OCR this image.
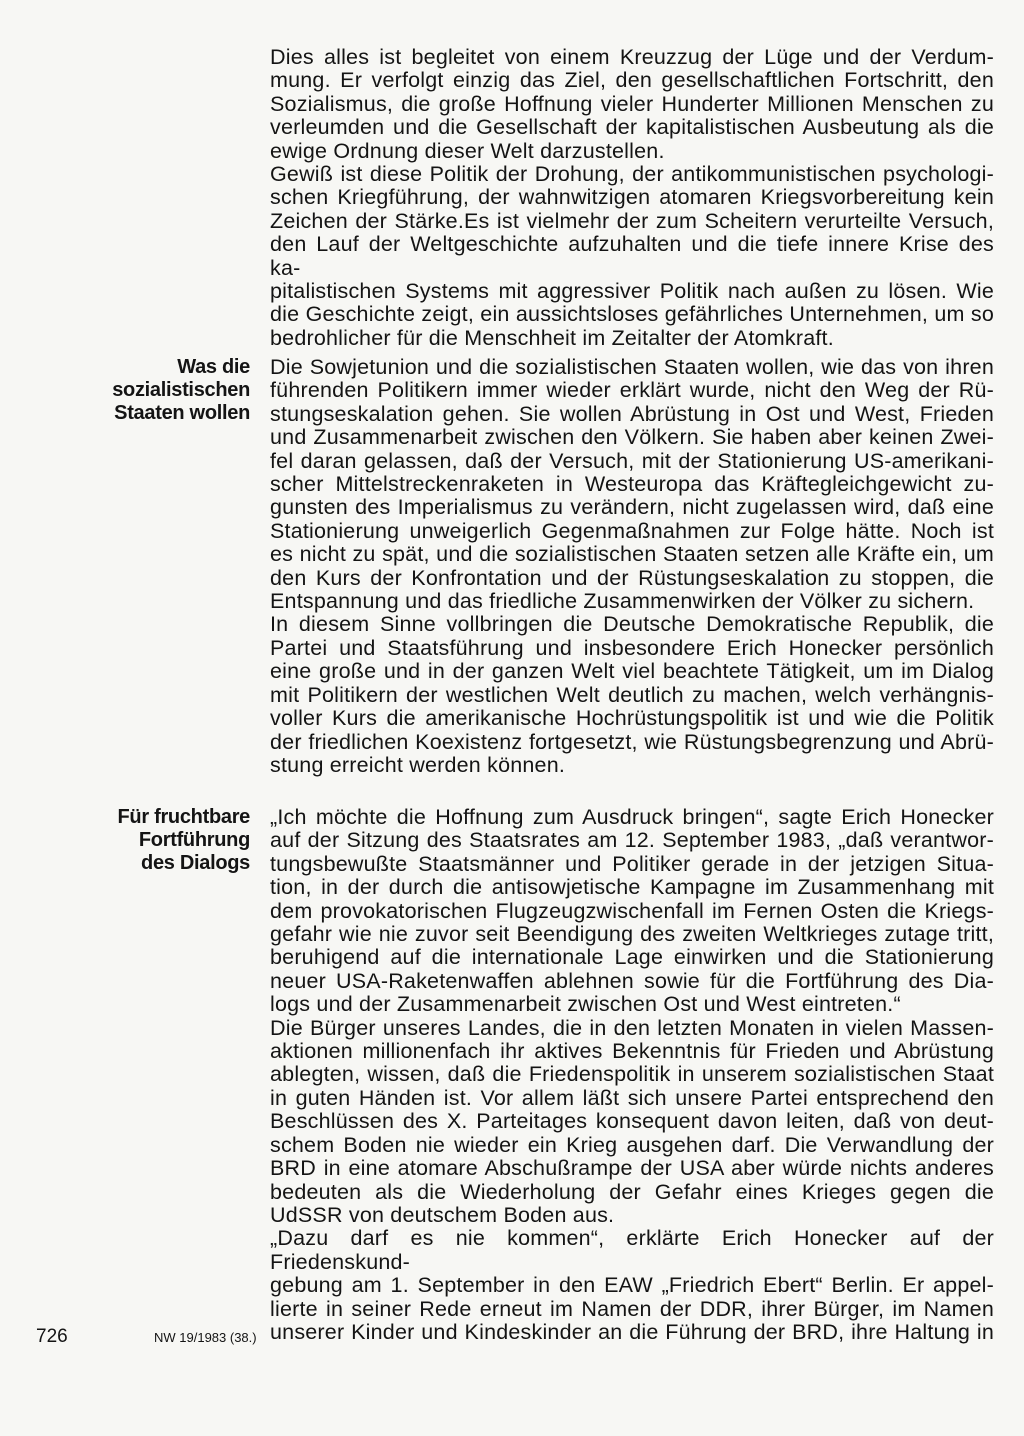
Dies alles ist begleitet von einem Kreuzzug der Lüge und der Verdum-

mung. Er verfolgt einzig das Ziel, den gesellschaftlichen Fortschritt, den

Sozialismus, die große Hoffnung vieler Hunderter Millionen Menschen zu

verleumden und die Gesellschaft der kapitalistischen Ausbeutung als die

ewige Ordnung dieser Welt darzustellen.

Gewiß ist diese Politik der Drohung, der antikommunistischen psychologi-

schen Kriegführung, der wahnwitzigen atomaren Kriegsvorbereitung kein

Zeichen der Stärke.Es ist vielmehr der zum Scheitern verurteilte Versuch,

den Lauf der Weltgeschichte aufzuhalten und die tiefe innere Krise des ka-

pitalistischen Systems mit aggressiver Politik nach außen zu lösen. Wie

die Geschichte zeigt, ein aussichtsloses gefährliches Unternehmen, um so

bedrohlicher für die Menschheit im Zeitalter der Atomkraft.

Was die
sozialistischen
Staaten wollen

Die Sowjetunion und die sozialistischen Staaten wollen, wie das von ihren

führenden Politikern immer wieder erklärt wurde, nicht den Weg der Rü-

stungseskalation gehen. Sie wollen Abrüstung in Ost und West, Frieden

und Zusammenarbeit zwischen den Völkern. Sie haben aber keinen Zwei-

fel daran gelassen, daß der Versuch, mit der Stationierung US-amerikani-

scher Mittelstreckenraketen in Westeuropa das Kräftegleichgewicht zu-

gunsten des Imperialismus zu verändern, nicht zugelassen wird, daß eine

Stationierung unweigerlich Gegenmaßnahmen zur Folge hätte. Noch ist

es nicht zu spät, und die sozialistischen Staaten setzen alle Kräfte ein, um

den Kurs der Konfrontation und der Rüstungseskalation zu stoppen, die

Entspannung und das friedliche Zusammenwirken der Völker zu sichern.

In diesem Sinne vollbringen die Deutsche Demokratische Republik, die

Partei und Staatsführung und insbesondere Erich Honecker persönlich

eine große und in der ganzen Welt viel beachtete Tätigkeit, um im Dialog

mit Politikern der westlichen Welt deutlich zu machen, welch verhängnis-

voller Kurs die amerikanische Hochrüstungspolitik ist und wie die Politik

der friedlichen Koexistenz fortgesetzt, wie Rüstungsbegrenzung und Abrü-

stung erreicht werden können.

Für fruchtbare
Fortführung
des Dialogs

„Ich möchte die Hoffnung zum Ausdruck bringen“, sagte Erich Honecker

auf der Sitzung des Staatsrates am 12. September 1983, „daß verantwor-

tungsbewußte Staatsmänner und Politiker gerade in der jetzigen Situa-

tion, in der durch die antisowjetische Kampagne im Zusammenhang mit

dem provokatorischen Flugzeugzwischenfall im Fernen Osten die Kriegs-

gefahr wie nie zuvor seit Beendigung des zweiten Weltkrieges zutage tritt,

beruhigend auf die internationale Lage einwirken und die Stationierung

neuer USA-Raketenwaffen ablehnen sowie für die Fortführung des Dia-

logs und der Zusammenarbeit zwischen Ost und West eintreten.“

Die Bürger unseres Landes, die in den letzten Monaten in vielen Massen-

aktionen millionenfach ihr aktives Bekenntnis für Frieden und Abrüstung

ablegten, wissen, daß die Friedenspolitik in unserem sozialistischen Staat

in guten Händen ist. Vor allem läßt sich unsere Partei entsprechend den

Beschlüssen des X. Parteitages konsequent davon leiten, daß von deut-

schem Boden nie wieder ein Krieg ausgehen darf. Die Verwandlung der

BRD in eine atomare Abschußrampe der USA aber würde nichts anderes

bedeuten als die Wiederholung der Gefahr eines Krieges gegen die

UdSSR von deutschem Boden aus.

„Dazu darf es nie kommen“, erklärte Erich Honecker auf der Friedenskund-

gebung am 1. September in den EAW „Friedrich Ebert“ Berlin. Er appel-

lierte in seiner Rede erneut im Namen der DDR, ihrer Bürger, im Namen

unserer Kinder und Kindeskinder an die Führung der BRD, ihre Haltung in

726	NW 19/1983 (38.)
